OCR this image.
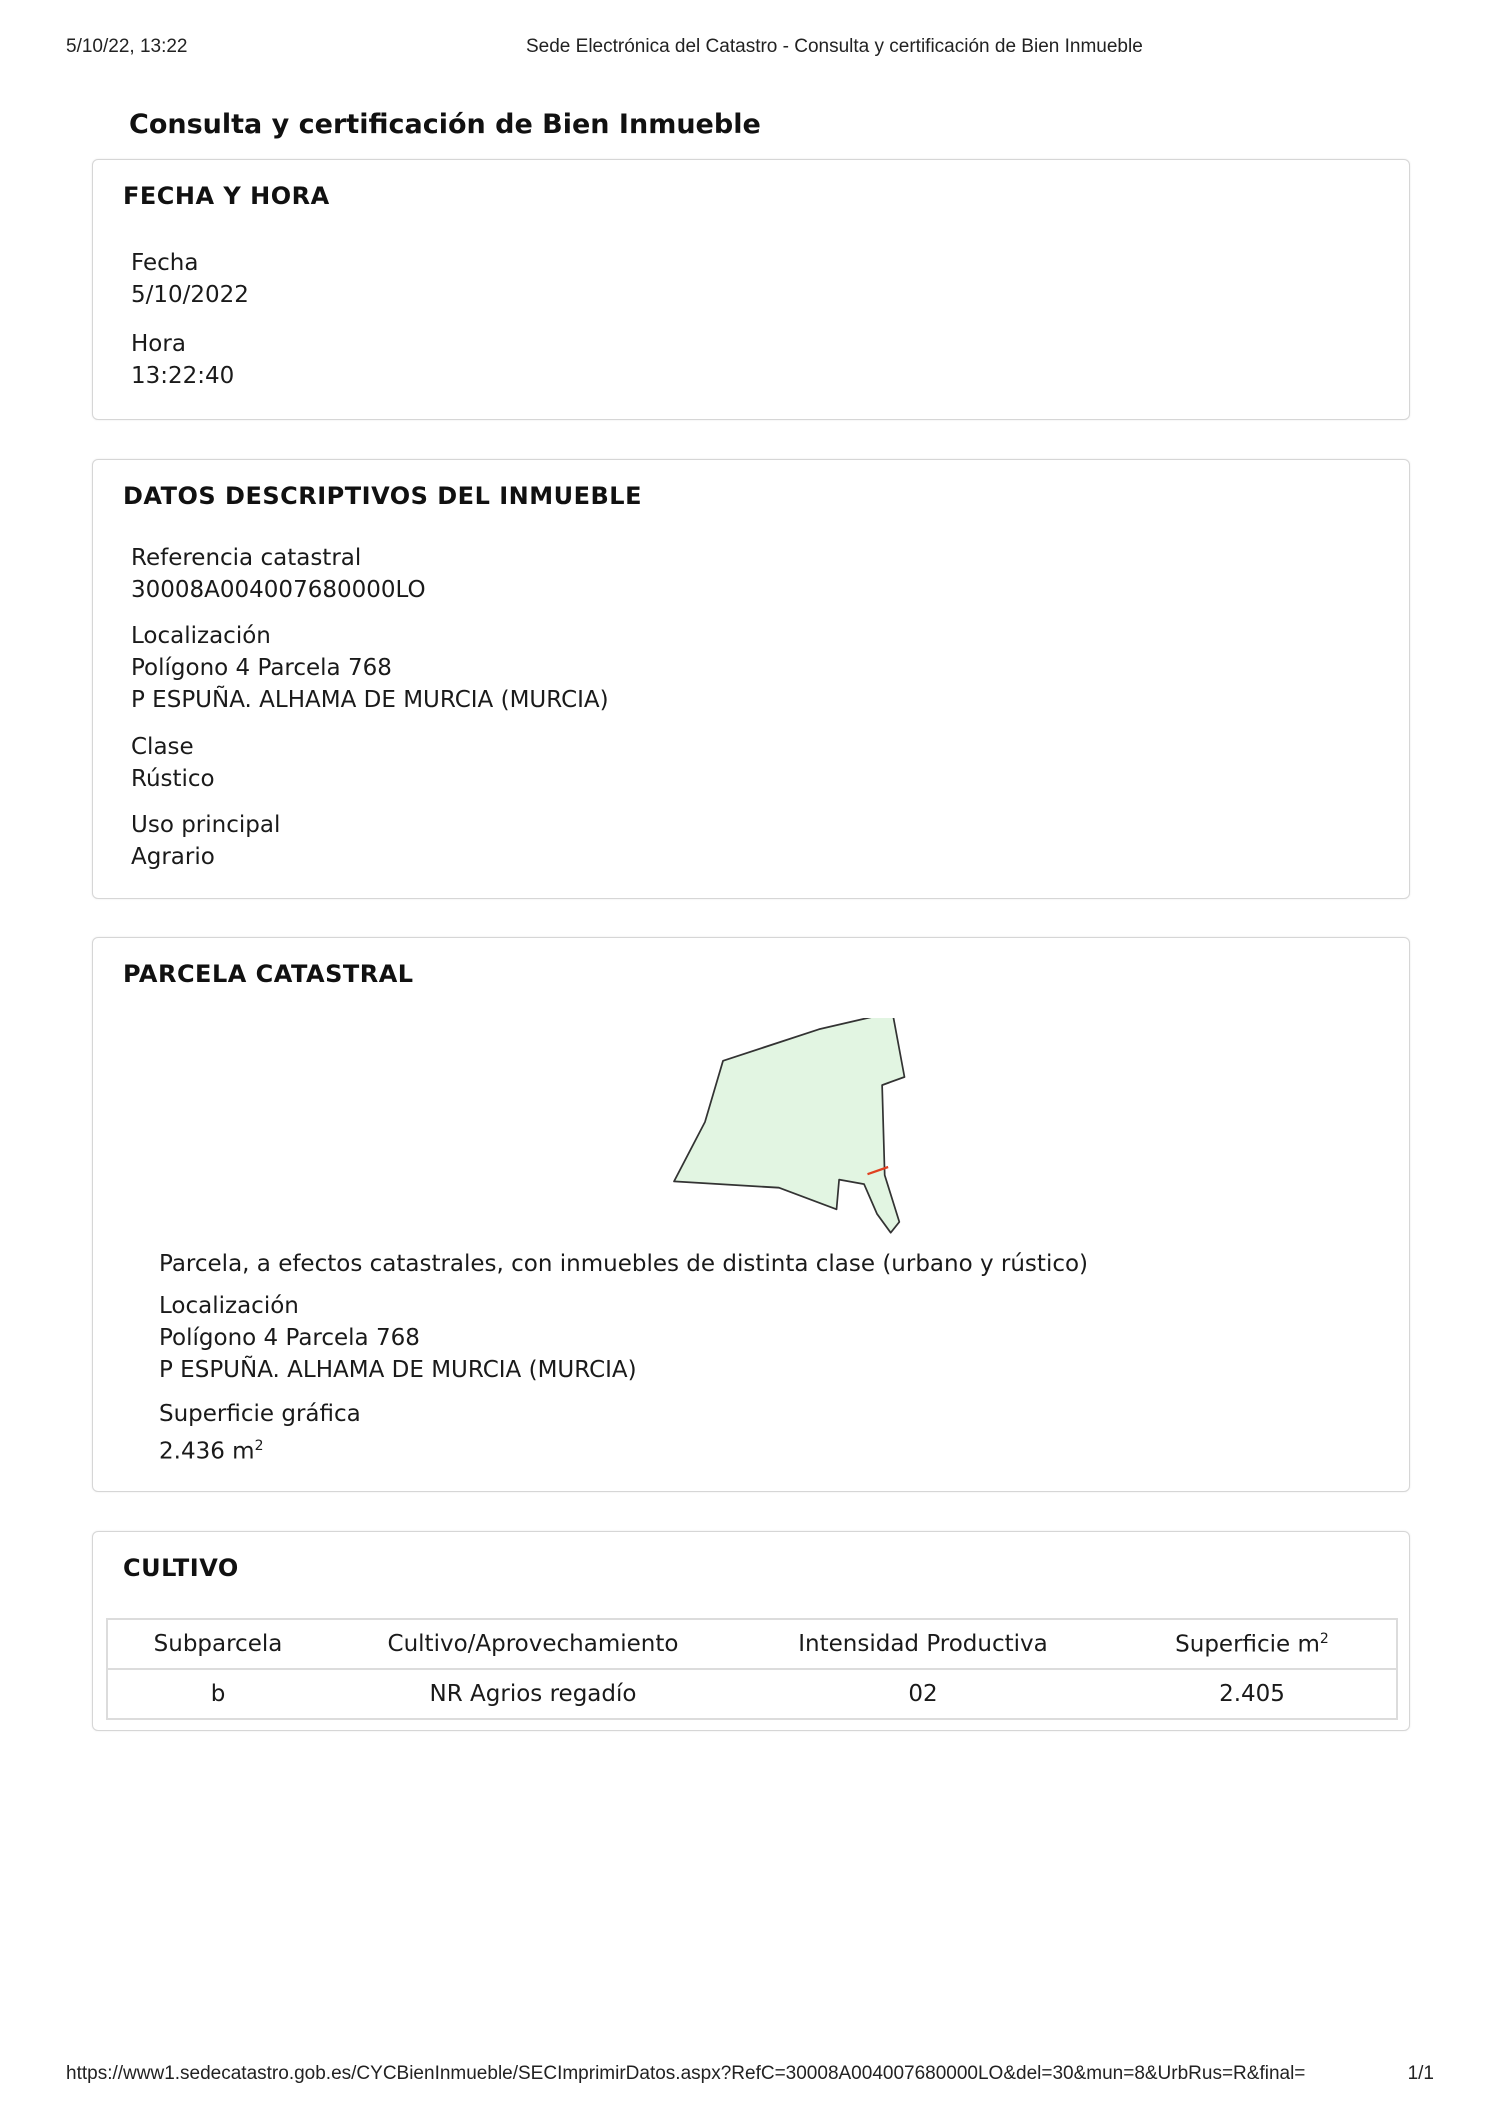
5/10/22, 13:22	Sede Electrónica del Catastro - Consulta y certificación de Bien Inmueble
Consulta y certificación de Bien Inmueble
FECHA Y HORA
Fecha
5/10/2022
Hora
13:22:40
DATOS DESCRIPTIVOS DEL INMUEBLE
Referencia catastral
30008A004007680000LO
Localización
Polígono 4 Parcela 768
P ESPUÑA. ALHAMA DE MURCIA (MURCIA)
Clase
Rústico
Uso principal
Agrario
PARCELA CATASTRAL
Parcela, a efectos catastrales, con inmuebles de distinta clase (urbano y rústico)
Localización
Polígono 4 Parcela 768
P ESPUÑA. ALHAMA DE MURCIA (MURCIA)
Superficie gráfica
2.436 $m^2$
CULTIVO
Subparcela	Cultivo/Aprovechamiento	Intensidad Productiva	Superficie $m^2$
b	NR Agrios regadío	02	2.405
https://www1.sedecatastro.gob.es/CYCBienInmueble/SECImprimirDatos.aspx?RefC=30008A004007680000LO&del=30&mun=8&UrbRus=R&final=	1/1
